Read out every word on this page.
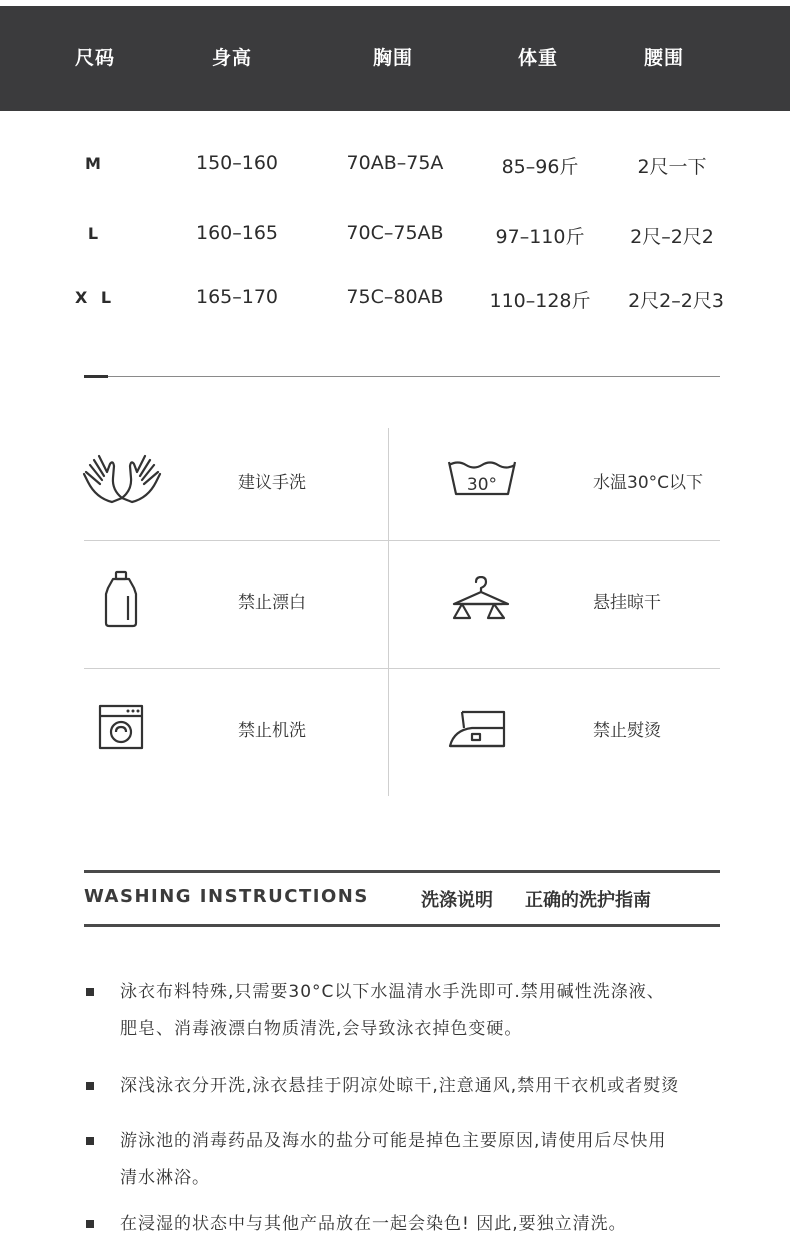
尺码	身高	胸围	体重	腰围
M	150–160	70AB–75A	85–96斤	2尺一下
L	160–165	70C–75AB	97–110斤	2尺–2尺2
X L	165–170	75C–80AB	110–128斤	2尺2–2尺3
建议手洗	30°	水温30°C以下
禁止漂白	悬挂晾干
禁止机洗	禁止熨烫
WASHING INSTRUCTIONS	洗涤说明 正确的洗护指南
泳衣布料特殊,只需要30°C以下水温清水手洗即可.禁用碱性洗涤液、
肥皂、消毒液漂白物质清洗,会导致泳衣掉色变硬。
深浅泳衣分开洗,泳衣悬挂于阴凉处晾干,注意通风,禁用干衣机或者熨烫
游泳池的消毒药品及海水的盐分可能是掉色主要原因,请使用后尽快用
清水淋浴。
在浸湿的状态中与其他产品放在一起会染色! 因此,要独立清洗。
